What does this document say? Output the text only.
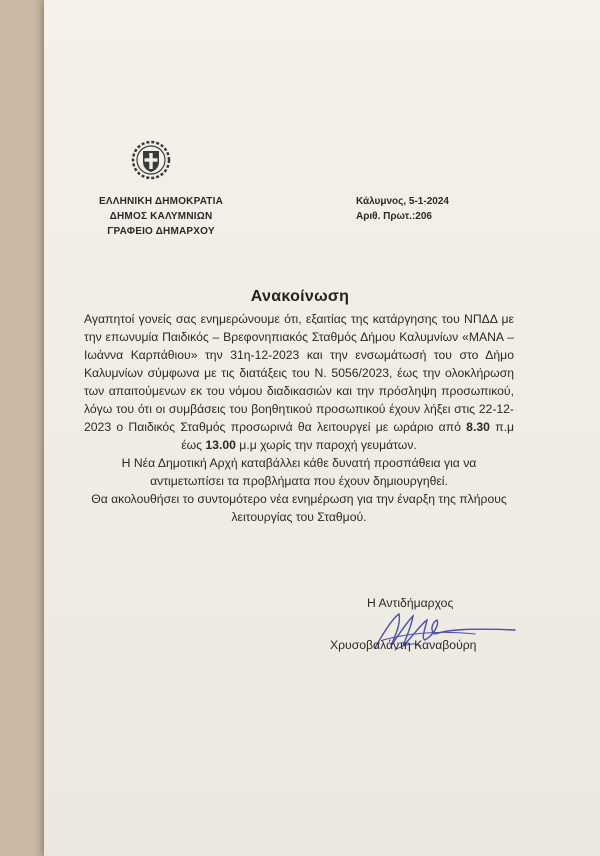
ΕΛΛΗΝΙΚΗ ΔΗΜΟΚΡΑΤΙΑ
ΔΗΜΟΣ ΚΑΛΥΜΝΙΩΝ
ΓΡΑΦΕΙΟ ΔΗΜΑΡΧΟΥ
Κάλυμνος, 5-1-2024
Αριθ. Πρωτ.:206
Ανακοίνωση

Αγαπητοί γονείς σας ενημερώνουμε ότι, εξαιτίας της κατάργησης του ΝΠΔΔ με την επωνυμία Παιδικός – Βρεφονηπιακός Σταθμός Δήμου Καλυμνίων «ΜΑΝΑ – Ιωάννα Καρπάθιου» την 31η-12-2023 και την ενσωμάτωσή του στο Δήμο Καλυμνίων σύμφωνα με τις διατάξεις του Ν. 5056/2023, έως την ολοκλήρωση των απαιτούμενων εκ του νόμου διαδικασιών και την πρόσληψη προσωπικού, λόγω του ότι οι συμβάσεις του βοηθητικού προσωπικού έχουν λήξει στις 22-12-2023 ο Παιδικός Σταθμός προσωρινά θα λειτουργεί με ωράριο από 8.30 π.μ έως 13.00 μ.μ χωρίς την παροχή γευμάτων.

Η Νέα Δημοτική Αρχή καταβάλλει κάθε δυνατή προσπάθεια για να αντιμετωπίσει τα προβλήματα που έχουν δημιουργηθεί.

Θα ακολουθήσει το συντομότερο νέα ενημέρωση για την έναρξη της πλήρους λειτουργίας του Σταθμού.

Η Αντιδήμαρχος
Χρυσοβαλάντη Καναβούρη
